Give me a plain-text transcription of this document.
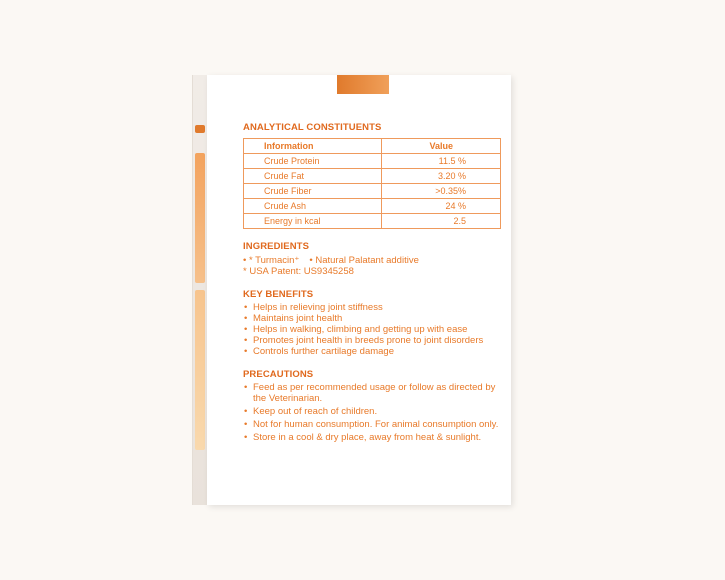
ANALYTICAL CONSTITUENTS
Information	Value
Crude Protein	11.5 %
Crude Fat	3.20 %
Crude Fiber	>0.35%
Crude Ash	24 %
Energy in kcal	2.5
INGREDIENTS
• * Turmacin⁺ • Natural Palatant additive
* USA Patent: US9345258
KEY BENEFITS
• Helps in relieving joint stiffness
• Maintains joint health
• Helps in walking, climbing and getting up with ease
• Promotes joint health in breeds prone to joint disorders
• Controls further cartilage damage
PRECAUTIONS
• Feed as per recommended usage or follow as directed by the Veterinarian.
• Keep out of reach of children.
• Not for human consumption. For animal consumption only.
• Store in a cool & dry place, away from heat & sunlight.
